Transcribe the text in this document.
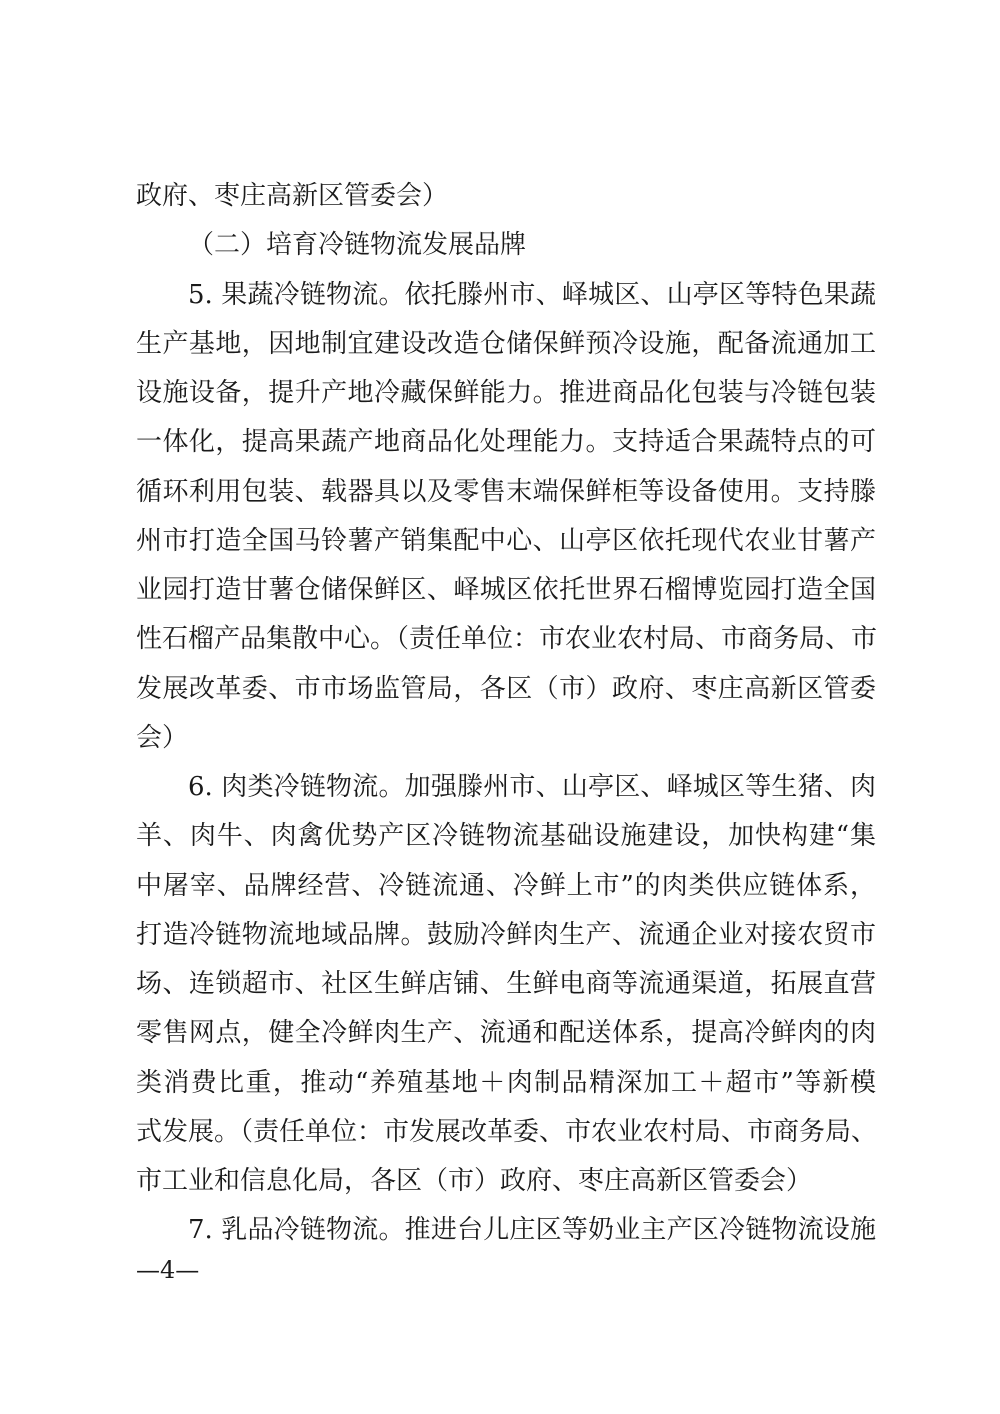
政府、枣庄高新区管委会）
（二）培育冷链物流发展品牌
5. 果蔬冷链物流。依托滕州市、峄城区、山亭区等特色果蔬
生产基地，因地制宜建设改造仓储保鲜预冷设施，配备流通加工
设施设备，提升产地冷藏保鲜能力。推进商品化包装与冷链包装
一体化，提高果蔬产地商品化处理能力。支持适合果蔬特点的可
循环利用包装、载器具以及零售末端保鲜柜等设备使用。支持滕
州市打造全国马铃薯产销集配中心、山亭区依托现代农业甘薯产
业园打造甘薯仓储保鲜区、峄城区依托世界石榴博览园打造全国
性石榴产品集散中心。（责任单位：市农业农村局、市商务局、市
发展改革委、市市场监管局，各区（市）政府、枣庄高新区管委
会）
6. 肉类冷链物流。加强滕州市、山亭区、峄城区等生猪、肉
羊、肉牛、肉禽优势产区冷链物流基础设施建设，加快构建“集
中屠宰、品牌经营、冷链流通、冷鲜上市”的肉类供应链体系，
打造冷链物流地域品牌。鼓励冷鲜肉生产、流通企业对接农贸市
场、连锁超市、社区生鲜店铺、生鲜电商等流通渠道，拓展直营
零售网点，健全冷鲜肉生产、流通和配送体系，提高冷鲜肉的肉
类消费比重，推动“养殖基地＋肉制品精深加工＋超市”等新模
式发展。（责任单位：市发展改革委、市农业农村局、市商务局、
市工业和信息化局，各区（市）政府、枣庄高新区管委会）
7. 乳品冷链物流。推进台儿庄区等奶业主产区冷链物流设施
—4—
